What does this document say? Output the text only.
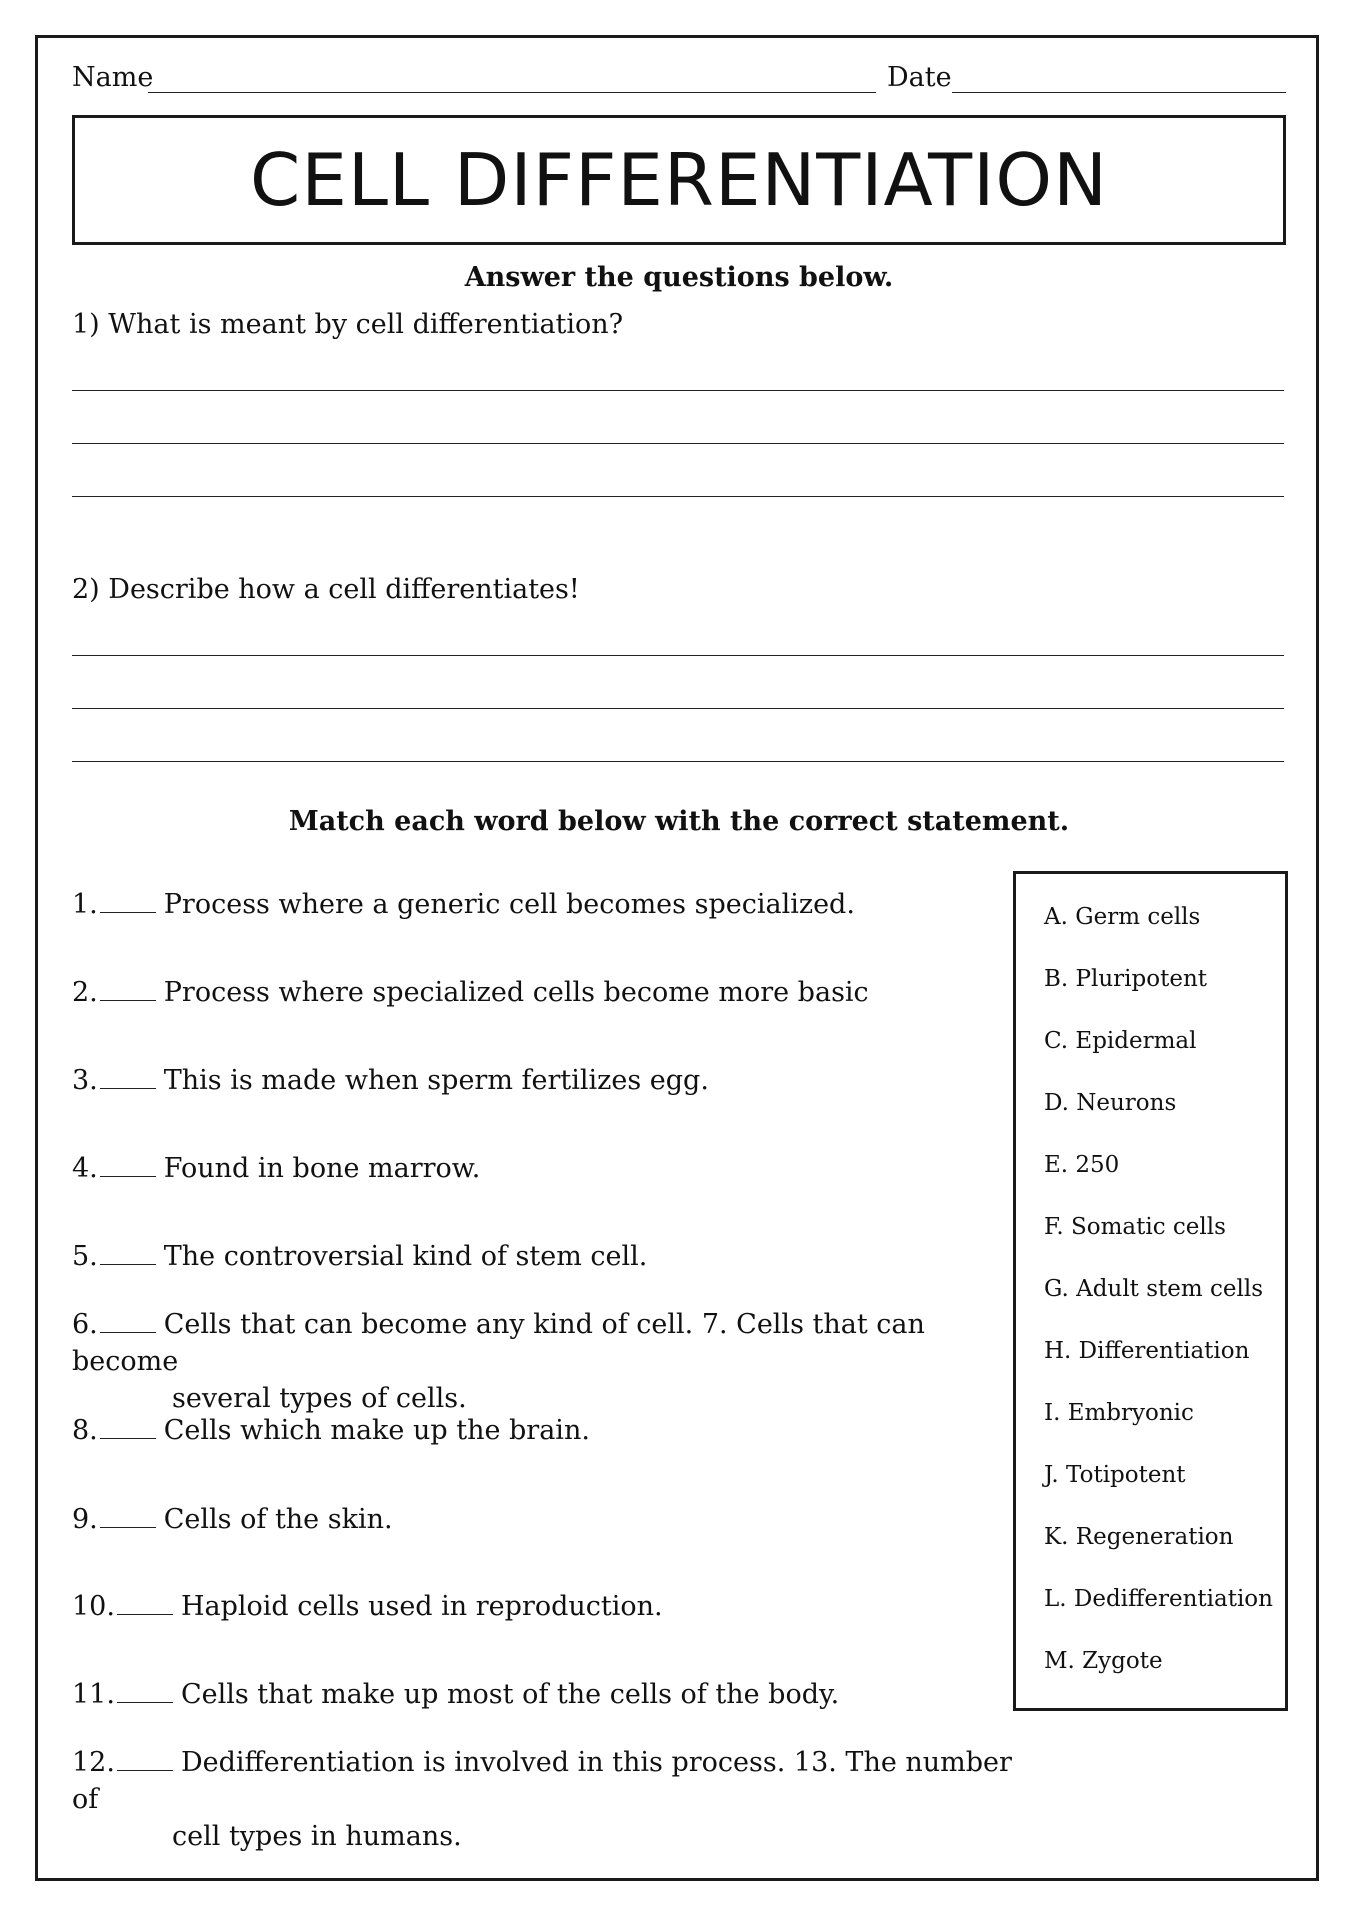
Name	Date
CELL DIFFERENTIATION
Answer the questions below.
1) What is meant by cell differentiation?
2) Describe how a cell differentiates!
Match each word below with the correct statement.
1. Process where a generic cell becomes specialized.
2. Process where specialized cells become more basic
3. This is made when sperm fertilizes egg.
4. Found in bone marrow.
5. The controversial kind of stem cell.
6. Cells that can become any kind of cell. 7. Cells that can become
several types of cells.
8. Cells which make up the brain.
9. Cells of the skin.
10. Haploid cells used in reproduction.
11. Cells that make up most of the cells of the body.
12. Dedifferentiation is involved in this process. 13. The number of
cell types in humans.
A. Germ cells
B. Pluripotent
C. Epidermal
D. Neurons
E. 250
F. Somatic cells
G. Adult stem cells
H. Differentiation
I. Embryonic
J. Totipotent
K. Regeneration
L. Dedifferentiation
M. Zygote
